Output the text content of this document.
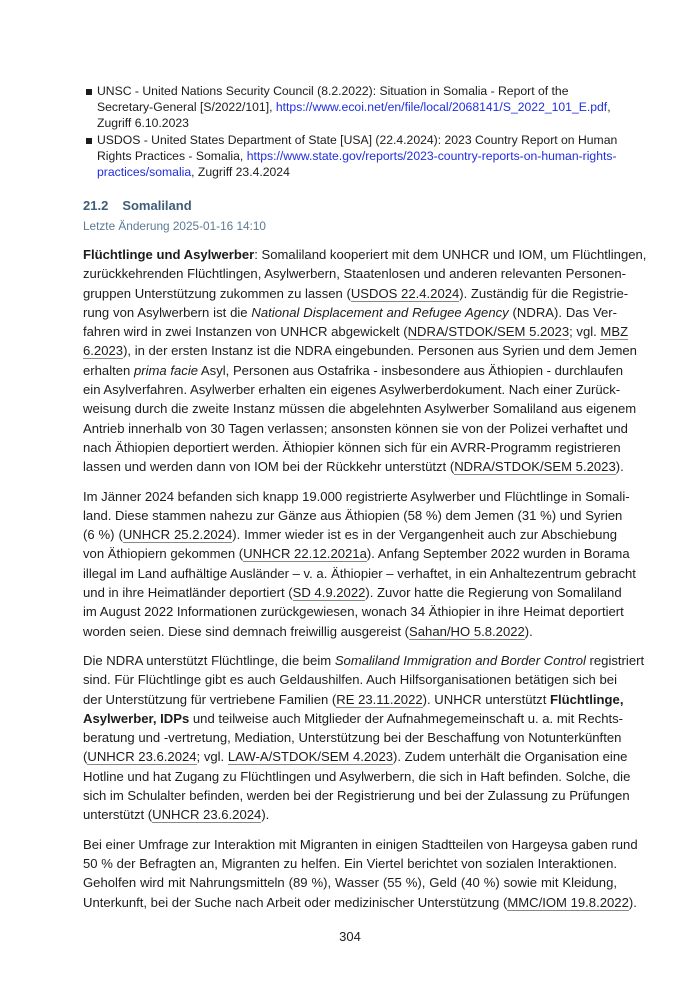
UNSC - United Nations Security Council (8.2.2022): Situation in Somalia - Report of the Secretary-General [S/2022/101], https://www.ecoi.net/en/file/local/2068141/S_2022_101_E.pdf, Zugriff 6.10.2023
USDOS - United States Department of State [USA] (22.4.2024): 2023 Country Report on Human Rights Practices - Somalia, https://www.state.gov/reports/2023-country-reports-on-human-rights-practices/somalia, Zugriff 23.4.2024
21.2 Somaliland
Letzte Änderung 2025-01-16 14:10
Flüchtlinge und Asylwerber: Somaliland kooperiert mit dem UNHCR und IOM, um Flüchtlingen,
zurückkehrenden Flüchtlingen, Asylwerbern, Staatenlosen und anderen relevanten Personen-
gruppen Unterstützung zukommen zu lassen (USDOS 22.4.2024). Zuständig für die Registrie-
rung von Asylwerbern ist die National Displacement and Refugee Agency (NDRA). Das Ver-
fahren wird in zwei Instanzen von UNHCR abgewickelt (NDRA/STDOK/SEM 5.2023; vgl. MBZ
6.2023), in der ersten Instanz ist die NDRA eingebunden. Personen aus Syrien und dem Jemen
erhalten prima facie Asyl, Personen aus Ostafrika - insbesondere aus Äthiopien - durchlaufen
ein Asylverfahren. Asylwerber erhalten ein eigenes Asylwerberdokument. Nach einer Zurück-
weisung durch die zweite Instanz müssen die abgelehnten Asylwerber Somaliland aus eigenem
Antrieb innerhalb von 30 Tagen verlassen; ansonsten können sie von der Polizei verhaftet und
nach Äthiopien deportiert werden. Äthiopier können sich für ein AVRR-Programm registrieren
lassen und werden dann von IOM bei der Rückkehr unterstützt (NDRA/STDOK/SEM 5.2023).
Im Jänner 2024 befanden sich knapp 19.000 registrierte Asylwerber und Flüchtlinge in Somali-
land. Diese stammen nahezu zur Gänze aus Äthiopien (58 %) dem Jemen (31 %) und Syrien
(6 %) (UNHCR 25.2.2024). Immer wieder ist es in der Vergangenheit auch zur Abschiebung
von Äthiopiern gekommen (UNHCR 22.12.2021a). Anfang September 2022 wurden in Borama
illegal im Land aufhältige Ausländer – v. a. Äthiopier – verhaftet, in ein Anhaltezentrum gebracht
und in ihre Heimatländer deportiert (SD 4.9.2022). Zuvor hatte die Regierung von Somaliland
im August 2022 Informationen zurückgewiesen, wonach 34 Äthiopier in ihre Heimat deportiert
worden seien. Diese sind demnach freiwillig ausgereist (Sahan/HO 5.8.2022).
Die NDRA unterstützt Flüchtlinge, die beim Somaliland Immigration and Border Control registriert
sind. Für Flüchtlinge gibt es auch Geldaushilfen. Auch Hilfsorganisationen betätigen sich bei
der Unterstützung für vertriebene Familien (RE 23.11.2022). UNHCR unterstützt Flüchtlinge,
Asylwerber, IDPs und teilweise auch Mitglieder der Aufnahmegemeinschaft u. a. mit Rechts-
beratung und -vertretung, Mediation, Unterstützung bei der Beschaffung von Notunterkünften
(UNHCR 23.6.2024; vgl. LAW-A/STDOK/SEM 4.2023). Zudem unterhält die Organisation eine
Hotline und hat Zugang zu Flüchtlingen und Asylwerbern, die sich in Haft befinden. Solche, die
sich im Schulalter befinden, werden bei der Registrierung und bei der Zulassung zu Prüfungen
unterstützt (UNHCR 23.6.2024).
Bei einer Umfrage zur Interaktion mit Migranten in einigen Stadtteilen von Hargeysa gaben rund
50 % der Befragten an, Migranten zu helfen. Ein Viertel berichtet von sozialen Interaktionen.
Geholfen wird mit Nahrungsmitteln (89 %), Wasser (55 %), Geld (40 %) sowie mit Kleidung,
Unterkunft, bei der Suche nach Arbeit oder medizinischer Unterstützung (MMC/IOM 19.8.2022).
304
